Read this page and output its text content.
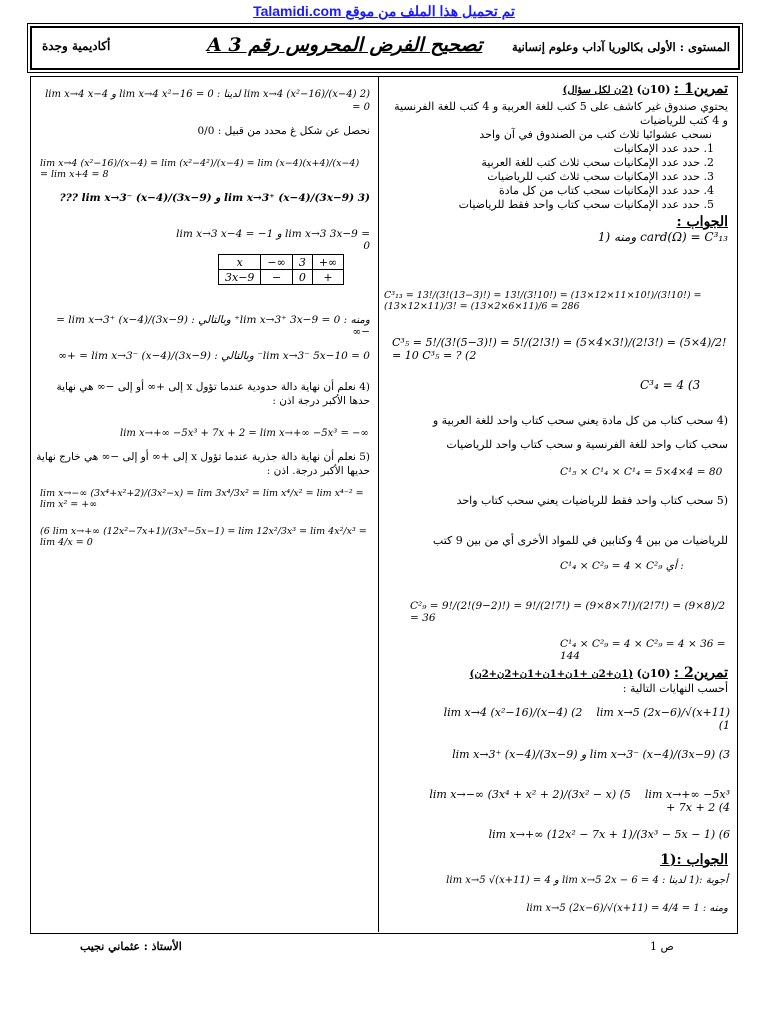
Talamidi.com تم تحميل هذا الملف من موقع
المستوى : الأولى بكالوريا آداب وعلوم إنسانية
تصحيح الفرض المحروس رقم 3 A
أكاديمية وجدة
تمرين1 : (10ن) (2ن لكل سؤال)
يحتوي صندوق غير كاشف على 5 كتب للغة العربية و 4 كتب للغة الفرنسية و 4 كتب للرياضيات
نسحب عشوائيا ثلاث كتب من الصندوق في آن واحد
1. حدد عدد الإمكانيات
2. حدد عدد الإمكانيات سحب ثلاث كتب للغة العربية
3. حدد عدد الإمكانيات سحب ثلاث كتب للرياضيات
4. حدد عدد الإمكانيات سحب كتاب من كل مادة
5. حدد عدد الإمكانيات سحب كتاب واحد فقط للرياضيات
الجواب :
card(Ω) = C³₁₃ ومنه (1
C³₁₃ = 13!/(3!(13−3)!) = 13!/(3!10!) = (13×12×11×10!)/(3!10!) = (13×12×11)/3! = (13×2×6×11)/6 = 286
C³₅ = 5!/(3!(5−3)!) = 5!/(2!3!) = (5×4×3!)/(2!3!) = (5×4)/2! = 10 C³₅ = ? (2
C³₄ = 4 (3
(4 سحب كتاب من كل مادة يعني سحب كتاب واحد للغة العربية و
سحب كتاب واحد للغة الفرنسية و سحب كتاب واحد للرياضيات
C¹₅ × C¹₄ × C¹₄ = 5×4×4 = 80
(5 سحب كتاب واحد فقط للرياضيات يعني سحب كتاب واحد
للرياضيات من بين 4 وكتابين في للمواد الأخرى أي من بين 9 كتب
C¹₄ × C²₉ = 4 × C²₉ أي :
C²₉ = 9!/(2!(9−2)!) = 9!/(2!7!) = (9×8×7!)/(2!7!) = (9×8)/2 = 36
C¹₄ × C²₉ = 4 × C²₉ = 4 × 36 = 144
تمرين2 : (10ن) (1ن+2ن +1ن+1ن+1ن+2ن+2ن)
أحسب النهايات التالية :
lim x→4 (x²−16)/(x−4) (2 lim x→5 (2x−6)/√(x+11) (1
lim x→3⁺ (x−4)/(3x−9) و lim x→3⁻ (x−4)/(3x−9) (3
lim x→−∞ (3x⁴ + x² + 2)/(3x² − x) (5 lim x→+∞ −5x³ + 7x + 2 (4
lim x→+∞ (12x² − 7x + 1)/(3x³ − 5x − 1) (6
الجواب :(1
أجوبة :(1 لدينا : lim x→5 2x − 6 = 4 و lim x→5 √(x+11) = 4
ومنه : lim x→5 (2x−6)/√(x+11) = 4/4 = 1
(2 lim x→4 (x²−16)/(x−4) لدينا : lim x→4 x²−16 = 0 و lim x→4 x−4 = 0
نحصل عن شكل غ محدد من قبيل : 0/0
lim x→4 (x²−16)/(x−4) = lim (x²−4²)/(x−4) = lim (x−4)(x+4)/(x−4) = lim x+4 = 8
(3 lim x→3⁺ (x−4)/(3x−9) و lim x→3⁻ (x−4)/(3x−9) ???
lim x→3 x−4 = −1 و lim x→3 3x−9 = 0
x	−∞	3	+∞
3x−9	−	0	+
ومنه : lim x→3⁺ 3x−9 = 0⁺ وبالتالي : lim x→3⁺ (x−4)/(3x−9) = −∞
lim x→3⁻ 5x−10 = 0⁻ وبالتالي : lim x→3⁻ (x−4)/(3x−9) = +∞
(4 نعلم أن نهاية دالة حدودية عندما تؤول x إلى +∞ أو إلى −∞ هي نهاية حدها الأكبر درجة اذن :
lim x→+∞ −5x³ + 7x + 2 = lim x→+∞ −5x³ = −∞
(5 نعلم أن نهاية دالة جذرية عندما تؤول x إلى +∞ أو إلى −∞ هي خارج نهاية حديها الأكبر درجة. اذن :
lim x→−∞ (3x⁴+x²+2)/(3x²−x) = lim 3x⁴/3x² = lim x⁴/x² = lim x⁴⁻² = lim x² = +∞
(6 lim x→+∞ (12x²−7x+1)/(3x³−5x−1) = lim 12x²/3x³ = lim 4x²/x³ = lim 4/x = 0
الأستاذ : عثماني نجيب	ص 1
